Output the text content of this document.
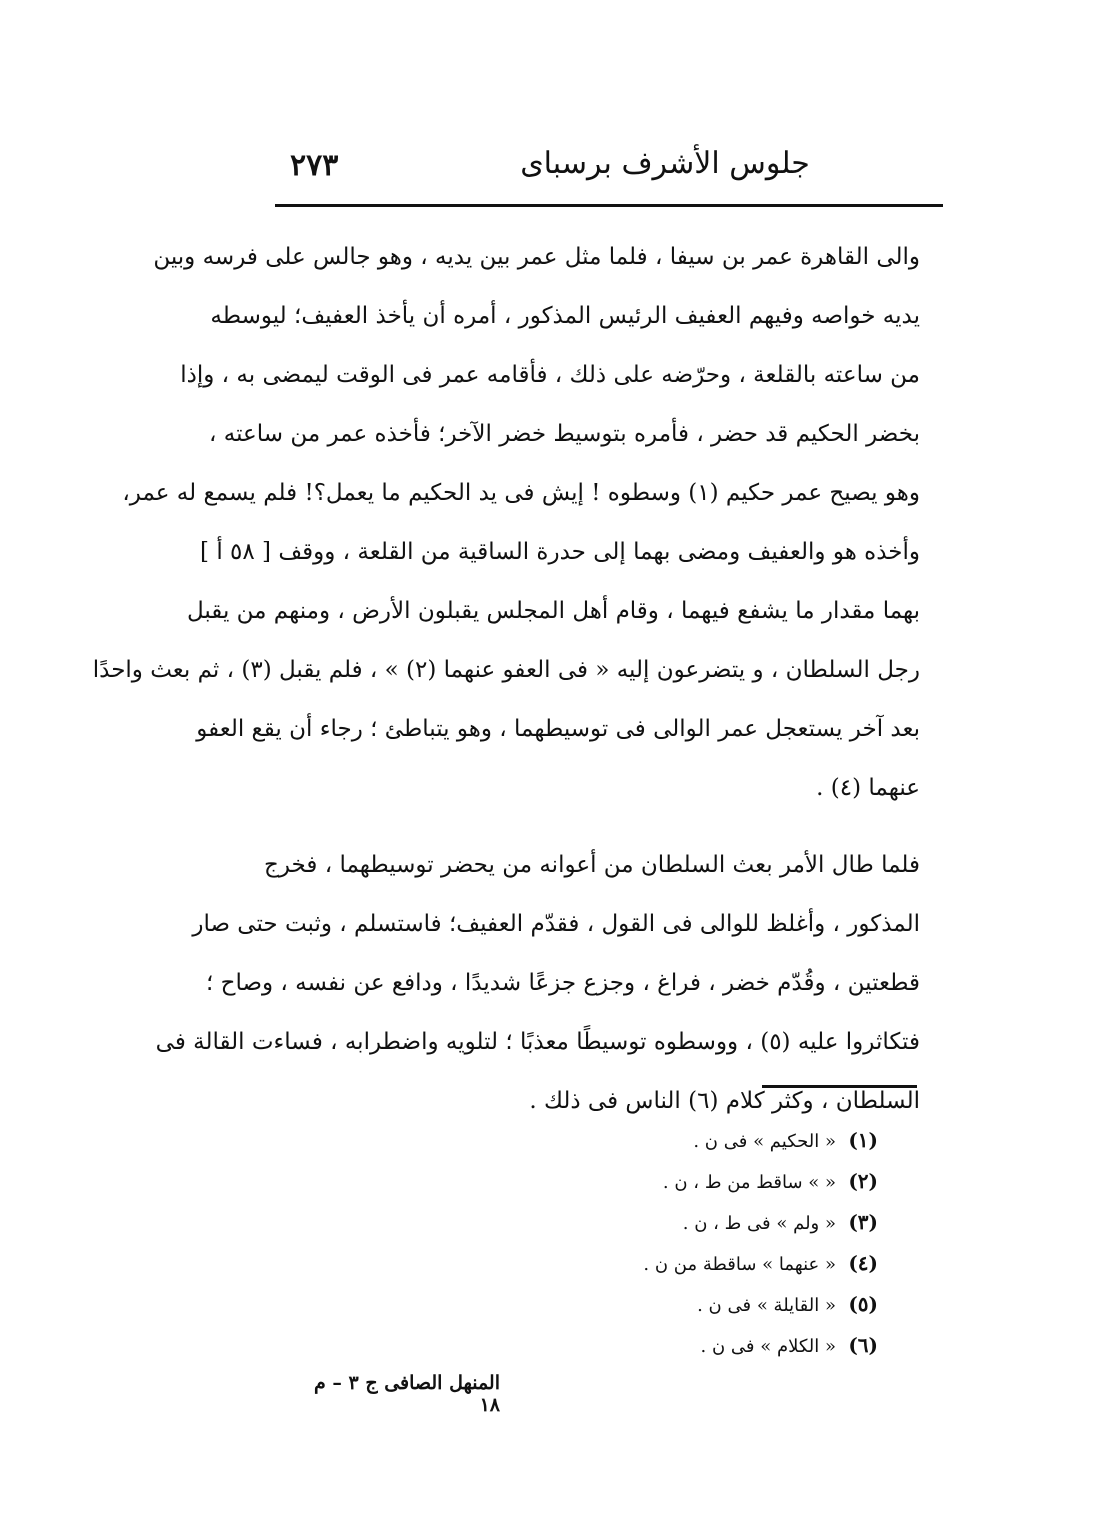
٢٧٣	جلوس الأشرف برسباى
والى القاهرة عمر بن سيفا ، فلما مثل عمر بين يديه ، وهو جالس على فرسه وبين
يديه خواصه وفيهم العفيف الرئيس المذكور ، أمره أن يأخذ العفيف؛ ليوسطه
من ساعته بالقلعة ، وحرّضه على ذلك ، فأقامه عمر فى الوقت ليمضى به ، وإذا
بخضر الحكيم قد حضر ، فأمره بتوسيط خضر الآخر؛ فأخذه عمر من ساعته ،
وهو يصيح عمر حكيم (١) وسطوه ! إيش فى يد الحكيم ما يعمل؟! فلم يسمع له عمر،
وأخذه هو والعفيف ومضى بهما إلى حدرة الساقية من القلعة ، ووقف [ ٥٨ أ ]
بهما مقدار ما يشفع فيهما ، وقام أهل المجلس يقبلون الأرض ، ومنهم من يقبل
رجل السلطان ، و يتضرعون إليه « فى العفو عنهما (٢) » ، فلم يقبل (٣) ، ثم بعث واحدًا
بعد آخر يستعجل عمر الوالى فى توسيطهما ، وهو يتباطئ ؛ رجاء أن يقع العفو
عنهما (٤) .
فلما طال الأمر بعث السلطان من أعوانه من يحضر توسيطهما ، فخرج
المذكور ، وأغلظ للوالى فى القول ، فقدّم العفيف؛ فاستسلم ، وثبت حتى صار
قطعتين ، وقُدّم خضر ، فراغ ، وجزع جزعًا شديدًا ، ودافع عن نفسه ، وصاح ؛
فتكاثروا عليه (٥) ، ووسطوه توسيطًا معذبًا ؛ لتلويه واضطرابه ، فساءت القالة فى
السلطان ، وكثر كلام (٦) الناس فى ذلك .
(١)« الحكيم » فى ن .
(٢)« » ساقط من ط ، ن .
(٣)« ولم » فى ط ، ن .
(٤)« عنهما » ساقطة من ن .
(٥)« القايلة » فى ن .
(٦)« الكلام » فى ن .
المنهل الصافى ج ٣ – م ١٨
